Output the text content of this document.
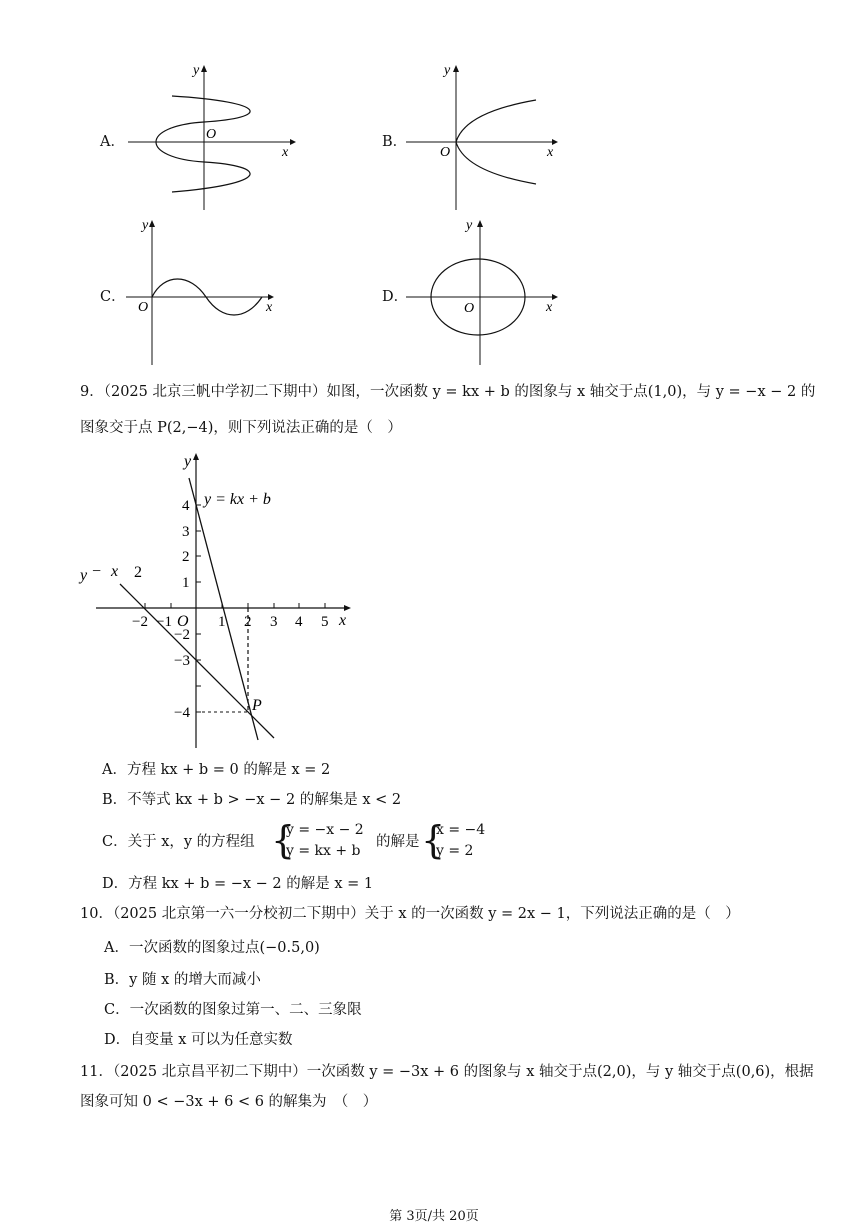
A．
x
y
O	B．
x
y
O
C．
x
y
O
D．
x
y
O
9．（2025 北京三帆中学初二下期中）如图，一次函数 y = kx + b 的图象与 x 轴交于点(1,0)，与 y = −x − 2 的
图象交于点 P(2,−4)，则下列说法正确的是（　）
y = kx + b
y − x 2
P
O	x
y
−2 −1	1 2 3 4 5
4
3
2
1
−2
−3
−4
A．方程 kx + b = 0 的解是 x = 2
B．不等式 kx + b > −x − 2 的解集是 x < 2
C．关于 x，y 的方程组 {
y = −x − 2
y = kx + b
的解是 {
x = −4
y = 2
D．方程 kx + b = −x − 2 的解是 x = 1
10．（2025 北京第一六一分校初二下期中）关于 x 的一次函数 y = 2x − 1，下列说法正确的是（　）
A．一次函数的图象过点(−0.5,0)
B．y 随 x 的增大而减小
C．一次函数的图象过第一、二、三象限
D．自变量 x 可以为任意实数
11．（2025 北京昌平初二下期中）一次函数 y = −3x + 6 的图象与 x 轴交于点(2,0)，与 y 轴交于点(0,6)，根据
图象可知 0 < −3x + 6 < 6 的解集为　（　）
第 3页/共 20页
